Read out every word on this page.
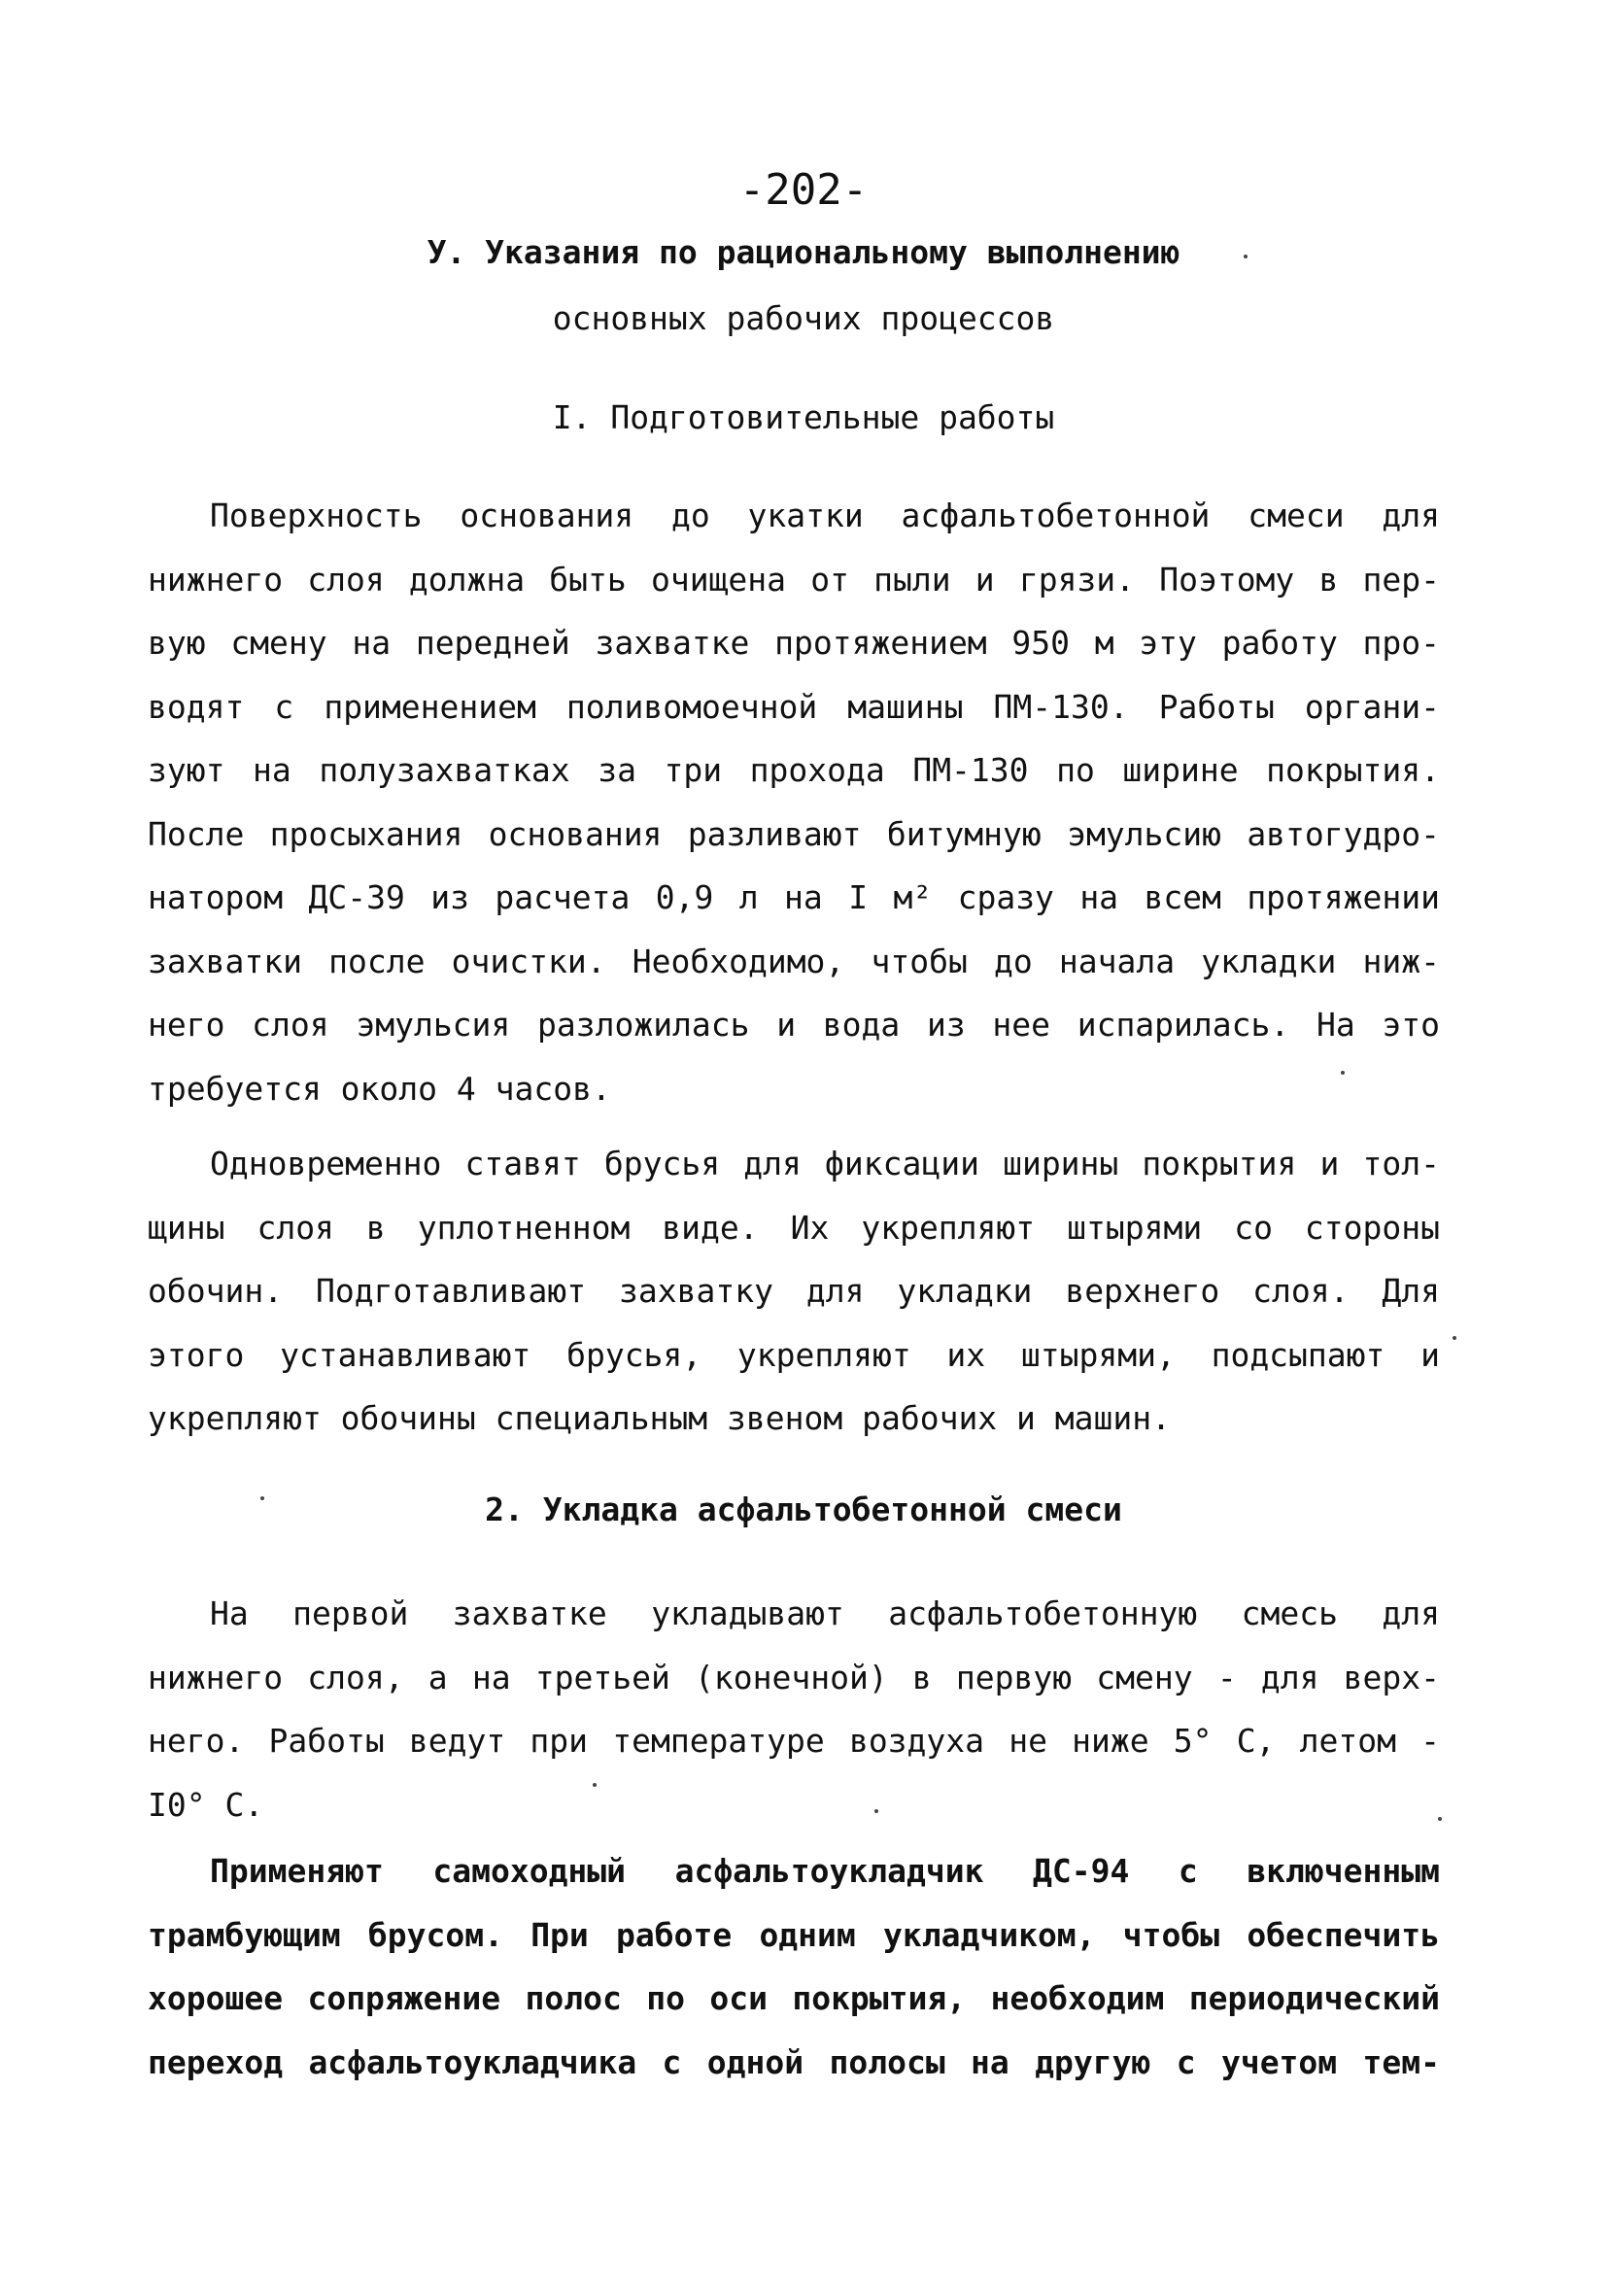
-202-
У. Указания по рациональному выполнению
основных рабочих процессов
I. Подготовительные работы
Поверхность основания до укатки асфальтобетонной смеси для
нижнего слоя должна быть очищена от пыли и грязи. Поэтому в пер-
вую смену на передней захватке протяжением 950 м эту работу про-
водят с применением поливомоечной машины ПМ-130. Работы органи-
зуют на полузахватках за три прохода ПМ-130 по ширине покрытия.
После просыхания основания разливают битумную эмульсию автогудро-
натором ДС-39 из расчета 0,9 л на I м² сразу на всем протяжении
захватки после очистки. Необходимо, чтобы до начала укладки ниж-
него слоя эмульсия разложилась и вода из нее испарилась. На это
требуется около 4 часов.
Одновременно ставят брусья для фиксации ширины покрытия и тол-
щины слоя в уплотненном виде. Их укрепляют штырями со стороны
обочин. Подготавливают захватку для укладки верхнего слоя. Для
этого устанавливают брусья, укрепляют их штырями, подсыпают и
укрепляют обочины специальным звеном рабочих и машин.
2. Укладка асфальтобетонной смеси
На первой захватке укладывают асфальтобетонную смесь для
нижнего слоя, а на третьей (конечной) в первую смену - для верх-
него. Работы ведут при температуре воздуха не ниже 5° С, летом -
I0° С.
Применяют самоходный асфальтоукладчик ДС-94 с включенным
трамбующим брусом. При работе одним укладчиком, чтобы обеспечить
хорошее сопряжение полос по оси покрытия, необходим периодический
переход асфальтоукладчика с одной полосы на другую с учетом тем-
